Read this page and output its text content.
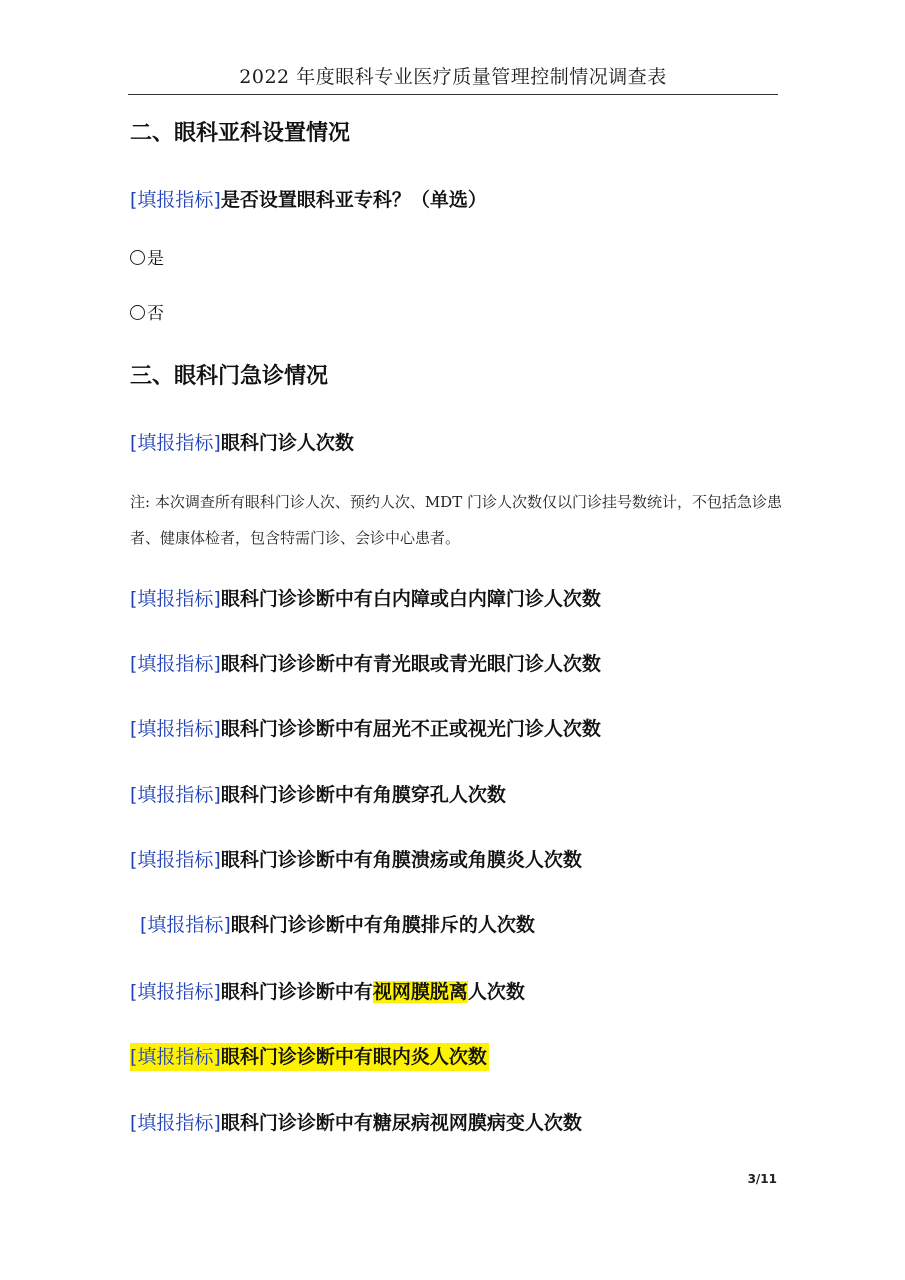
2022 年度眼科专业医疗质量管理控制情况调查表
二、眼科亚科设置情况
[填报指标]是否设置眼科亚专科？（单选）
是
否
三、眼科门急诊情况
[填报指标]眼科门诊人次数
注: 本次调查所有眼科门诊人次、预约人次、MDT 门诊人次数仅以门诊挂号数统计，不包括急诊患者、健康体检者，包含特需门诊、会诊中心患者。
[填报指标]眼科门诊诊断中有白内障或白内障门诊人次数
[填报指标]眼科门诊诊断中有青光眼或青光眼门诊人次数
[填报指标]眼科门诊诊断中有屈光不正或视光门诊人次数
[填报指标]眼科门诊诊断中有角膜穿孔人次数
[填报指标]眼科门诊诊断中有角膜溃疡或角膜炎人次数
[填报指标]眼科门诊诊断中有角膜排斥的人次数
[填报指标]眼科门诊诊断中有视网膜脱离人次数
[填报指标]眼科门诊诊断中有眼内炎人次数
[填报指标]眼科门诊诊断中有糖尿病视网膜病变人次数
3/11
